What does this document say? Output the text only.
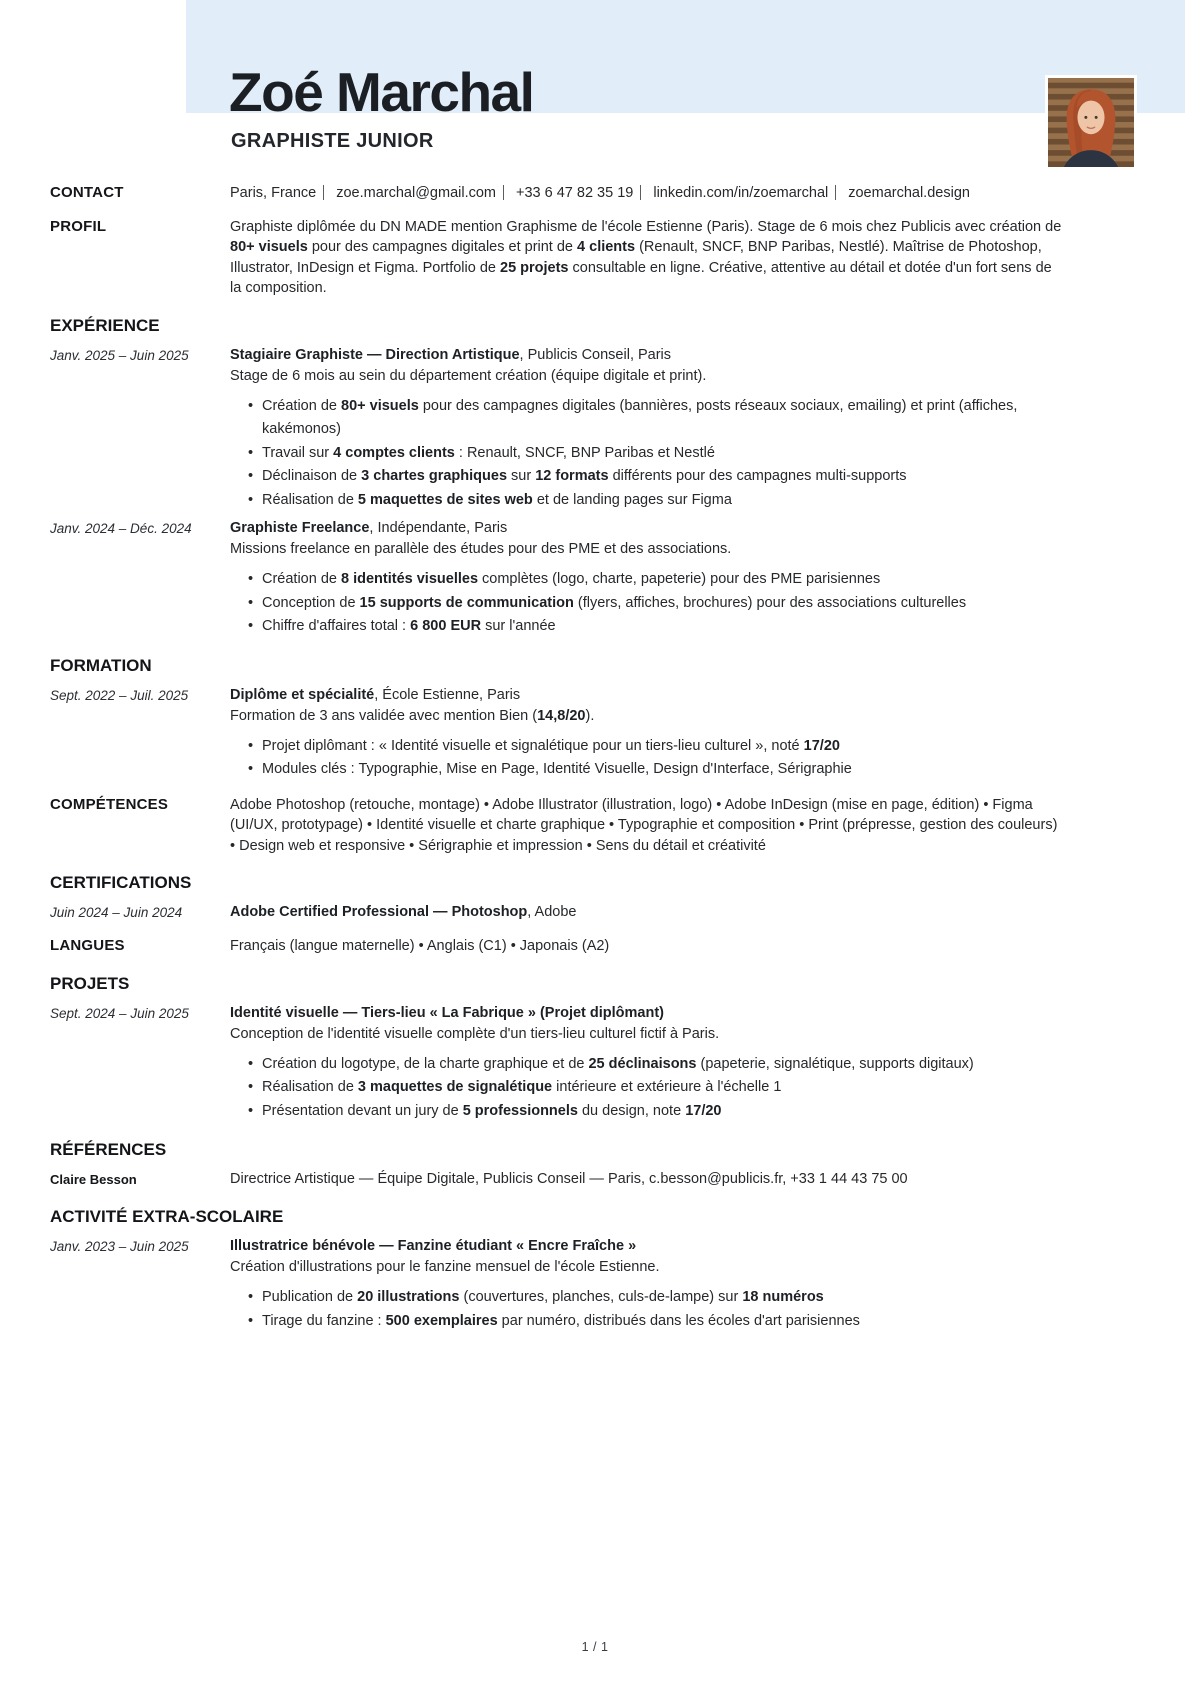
Zoé Marchal
GRAPHISTE JUNIOR
CONTACT	Paris, France zoe.marchal@gmail.com +33 6 47 82 35 19 linkedin.com/in/zoemarchal zoemarchal.design
PROFIL	Graphiste diplômée du DN MADE mention Graphisme de l'école Estienne (Paris). Stage de 6 mois chez Publicis avec création de 80+ visuels pour des campagnes digitales et print de 4 clients (Renault, SNCF, BNP Paribas, Nestlé). Maîtrise de Photoshop, Illustrator, InDesign et Figma. Portfolio de 25 projets consultable en ligne. Créative, attentive au détail et dotée d'un fort sens de la composition.
EXPÉRIENCE
Janv. 2025 – Juin 2025	Stagiaire Graphiste — Direction Artistique, Publicis Conseil, Paris
Stage de 6 mois au sein du département création (équipe digitale et print).
• Création de 80+ visuels pour des campagnes digitales (bannières, posts réseaux sociaux, emailing) et print (affiches, kakémonos)
• Travail sur 4 comptes clients : Renault, SNCF, BNP Paribas et Nestlé
• Déclinaison de 3 chartes graphiques sur 12 formats différents pour des campagnes multi-supports
• Réalisation de 5 maquettes de sites web et de landing pages sur Figma
Janv. 2024 – Déc. 2024	Graphiste Freelance, Indépendante, Paris
Missions freelance en parallèle des études pour des PME et des associations.
• Création de 8 identités visuelles complètes (logo, charte, papeterie) pour des PME parisiennes
• Conception de 15 supports de communication (flyers, affiches, brochures) pour des associations culturelles
• Chiffre d'affaires total : 6 800 EUR sur l'année
FORMATION
Sept. 2022 – Juil. 2025	Diplôme et spécialité, École Estienne, Paris
Formation de 3 ans validée avec mention Bien (14,8/20).
• Projet diplômant : « Identité visuelle et signalétique pour un tiers-lieu culturel », noté 17/20
• Modules clés : Typographie, Mise en Page, Identité Visuelle, Design d'Interface, Sérigraphie
COMPÉTENCES	Adobe Photoshop (retouche, montage) • Adobe Illustrator (illustration, logo) • Adobe InDesign (mise en page, édition) • Figma (UI/UX, prototypage) • Identité visuelle et charte graphique • Typographie et composition • Print (prépresse, gestion des couleurs) • Design web et responsive • Sérigraphie et impression • Sens du détail et créativité
CERTIFICATIONS
Juin 2024 – Juin 2024	Adobe Certified Professional — Photoshop, Adobe
LANGUES	Français (langue maternelle) • Anglais (C1) • Japonais (A2)
PROJETS
Sept. 2024 – Juin 2025	Identité visuelle — Tiers-lieu « La Fabrique » (Projet diplômant)
Conception de l'identité visuelle complète d'un tiers-lieu culturel fictif à Paris.
• Création du logotype, de la charte graphique et de 25 déclinaisons (papeterie, signalétique, supports digitaux)
• Réalisation de 3 maquettes de signalétique intérieure et extérieure à l'échelle 1
• Présentation devant un jury de 5 professionnels du design, note 17/20
RÉFÉRENCES
Claire Besson	Directrice Artistique — Équipe Digitale, Publicis Conseil — Paris, c.besson@publicis.fr, +33 1 44 43 75 00
ACTIVITÉ EXTRA-SCOLAIRE
Janv. 2023 – Juin 2025	Illustratrice bénévole — Fanzine étudiant « Encre Fraîche »
Création d'illustrations pour le fanzine mensuel de l'école Estienne.
• Publication de 20 illustrations (couvertures, planches, culs-de-lampe) sur 18 numéros
• Tirage du fanzine : 500 exemplaires par numéro, distribués dans les écoles d'art parisiennes
1 / 1
